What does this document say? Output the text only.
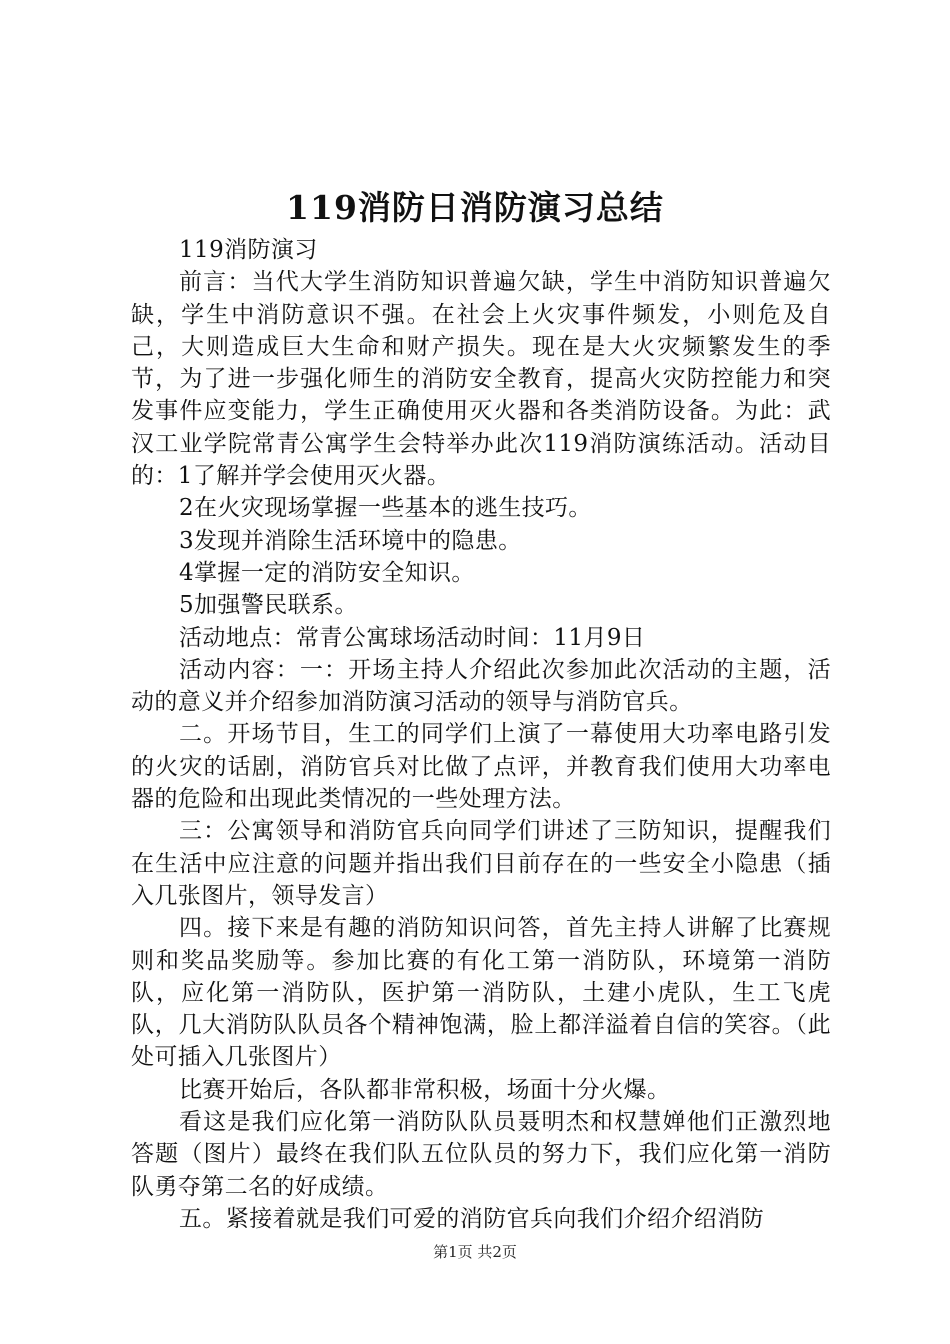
119消防日消防演习总结

119消防演习

前言：当代大学生消防知识普遍欠缺，学生中消防知识普遍欠缺，学生中消防意识不强。在社会上火灾事件频发，小则危及自己，大则造成巨大生命和财产损失。现在是大火灾频繁发生的季节，为了进一步强化师生的消防安全教育，提高火灾防控能力和突发事件应变能力，学生正确使用灭火器和各类消防设备。为此：武汉工业学院常青公寓学生会特举办此次119消防演练活动。活动目的：1了解并学会使用灭火器。

2在火灾现场掌握一些基本的逃生技巧。

3发现并消除生活环境中的隐患。

4掌握一定的消防安全知识。

5加强警民联系。

活动地点：常青公寓球场活动时间：11月9日

活动内容：一：开场主持人介绍此次参加此次活动的主题，活动的意义并介绍参加消防演习活动的领导与消防官兵。

二。开场节目，生工的同学们上演了一幕使用大功率电路引发的火灾的话剧，消防官兵对比做了点评，并教育我们使用大功率电器的危险和出现此类情况的一些处理方法。

三：公寓领导和消防官兵向同学们讲述了三防知识，提醒我们在生活中应注意的问题并指出我们目前存在的一些安全小隐患（插入几张图片，领导发言）

四。接下来是有趣的消防知识问答，首先主持人讲解了比赛规则和奖品奖励等。参加比赛的有化工第一消防队，环境第一消防队，应化第一消防队，医护第一消防队，土建小虎队，生工飞虎队，几大消防队队员各个精神饱满，脸上都洋溢着自信的笑容。（此处可插入几张图片）

比赛开始后，各队都非常积极，场面十分火爆。

看这是我们应化第一消防队队员聂明杰和权慧婵他们正激烈地答题（图片）最终在我们队五位队员的努力下，我们应化第一消防队勇夺第二名的好成绩。

五。紧接着就是我们可爱的消防官兵向我们介绍介绍消防

第1页 共2页
